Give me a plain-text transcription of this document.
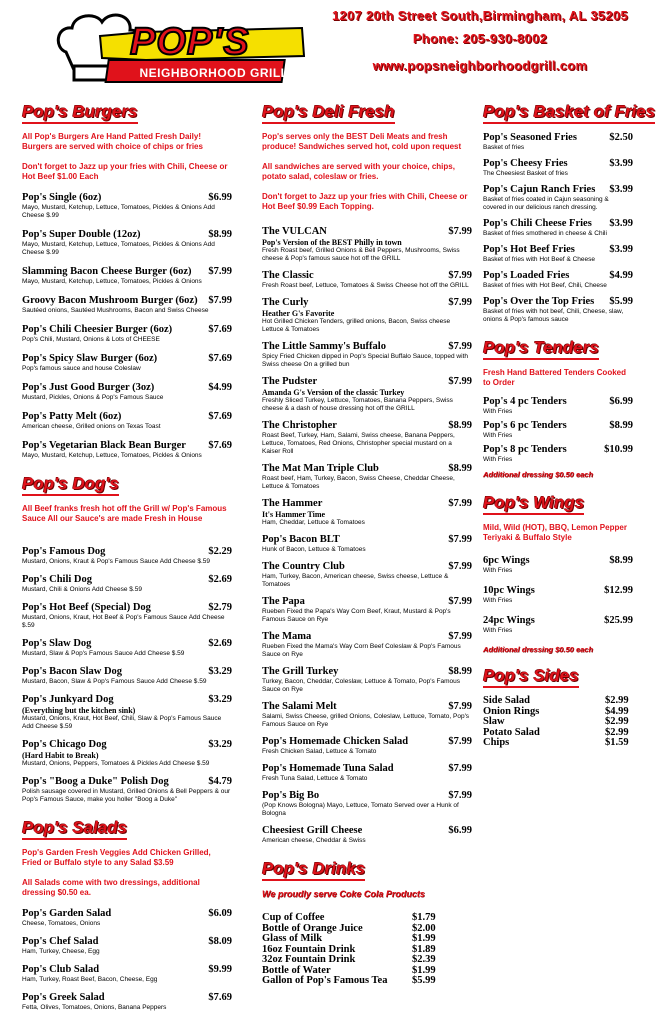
POP'S
NEIGHBORHOOD GRILL
1207 20th Street South,Birmingham, AL 35205
Phone: 205-930-8002
www.popsneighborhoodgrill.com
Pop's Burgers
All Pop's Burgers Are Hand Patted Fresh Daily! Burgers are served with choice of chips or fries
Don't forget to Jazz up your fries with Chili, Cheese or Hot Beef $1.00 Each
Pop's Single (6oz)	$6.99
Mayo, Mustard, Ketchup, Lettuce, Tomatoes, Pickles & Onions Add Cheese $.99
Pop's Super Double (12oz)	$8.99
Mayo, Mustard, Ketchup, Lettuce, Tomatoes, Pickles & Onions Add Cheese $.99
Slamming Bacon Cheese Burger (6oz)	$7.99
Mayo, Mustard, Ketchup, Lettuce, Tomatoes, Pickles & Onions
Groovy Bacon Mushroom Burger (6oz)	$7.99
Sautéed onions, Sautéed Mushrooms, Bacon and Swiss Cheese
Pop's Chili Cheesier Burger (6oz)	$7.69
Pop's Chili, Mustard, Onions & Lots of CHEESE
Pop's Spicy Slaw Burger (6oz)	$7.69
Pop's famous sauce and house Coleslaw
Pop's Just Good Burger (3oz)	$4.99
Mustard, Pickles, Onions & Pop's Famous Sauce
Pop's Patty Melt (6oz)	$7.69
American cheese, Grilled onions on Texas Toast
Pop's Vegetarian Black Bean Burger	$7.69
Mayo, Mustard, Ketchup, Lettuce, Tomatoes, Pickles & Onions
Pop's Dog's
All Beef franks fresh hot off the Grill w/ Pop's Famous Sauce All our Sauce's are made Fresh in House
Pop's Famous Dog	$2.29
Mustard, Onions, Kraut & Pop's Famous Sauce Add Cheese $.59
Pop's Chili Dog	$2.69
Mustard, Chili & Onions Add Cheese $.59
Pop's Hot Beef (Special) Dog	$2.79
Mustard, Onions, Kraut, Hot Beef & Pop's Famous Sauce Add Cheese $.59
Pop's Slaw Dog	$2.69
Mustard, Slaw & Pop's Famous Sauce Add Cheese $.59
Pop's Bacon Slaw Dog	$3.29
Mustard, Bacon, Slaw & Pop's Famous Sauce Add Cheese $.59
Pop's Junkyard Dog	$3.29
(Everything but the kitchen sink)
Mustard, Onions, Kraut, Hot Beef, Chili, Slaw & Pop's Famous Sauce Add Cheese $.59
Pop's Chicago Dog	$3.29
(Hard Habit to Break)
Mustard, Onions, Peppers, Tomatoes & Pickles Add Cheese $.59
Pop's "Boog a Duke" Polish Dog	$4.79
Polish sausage covered in Mustard, Grilled Onions & Bell Peppers & our Pop's Famous Sauce, make you holler "Boog a Duke"
Pop's Salads
Pop's Garden Fresh Veggies Add Chicken Grilled, Fried or Buffalo style to any Salad $3.59
All Salads come with two dressings, additional dressing $0.50 ea.
Pop's Garden Salad	$6.09
Cheese, Tomatoes, Onions
Pop's Chef Salad	$8.09
Ham, Turkey, Cheese, Egg
Pop's Club Salad	$9.99
Ham, Turkey, Roast Beef, Bacon, Cheese, Egg
Pop's Greek Salad	$7.69
Fetta, Olives, Tomatoes, Onions, Banana Peppers
Pop's Deli Fresh
Pop's serves only the BEST Deli Meats and fresh produce! Sandwiches served hot, cold upon request
All sandwiches are served with your choice, chips, potato salad, coleslaw or fries.
Don't forget to Jazz up your fries with Chili, Cheese or Hot Beef $0.99 Each Topping.
The VULCAN	$7.99
Pop's Version of the BEST Philly in town
Fresh Roast beef, Grilled Onions & Bell Peppers, Mushrooms, Swiss cheese & Pop's famous sauce hot off the GRILL
The Classic	$7.99
Fresh Roast beef, Lettuce, Tomatoes & Swiss Cheese hot off the GRILL
The Curly	$7.99
Heather G's Favorite
Hot Grilled Chicken Tenders, grilled onions, Bacon, Swiss cheese Lettuce & Tomatoes
The Little Sammy's Buffalo	$7.99
Spicy Fried Chicken dipped in Pop's Special Buffalo Sauce, topped with Swiss cheese On a grilled bun
The Pudster	$7.99
Amanda G's Version of the classic Turkey
Freshly Sliced Turkey, Lettuce, Tomatoes, Banana Peppers, Swiss cheese & a dash of house dressing hot off the GRILL
The Christopher	$8.99
Roast Beef, Turkey, Ham, Salami, Swiss cheese, Banana Peppers, Lettuce, Tomatoes, Red Onions, Christopher special mustard on a Kaiser Roll
The Mat Man Triple Club	$8.99
Roast beef, Ham, Turkey, Bacon, Swiss Cheese, Cheddar Cheese, Lettuce & Tomatoes
The Hammer	$7.99
It's Hammer Time
Ham, Cheddar, Lettuce & Tomatoes
Pop's Bacon BLT	$7.99
Hunk of Bacon, Lettuce & Tomatoes
The Country Club	$7.99
Ham, Turkey, Bacon, American cheese, Swiss cheese, Lettuce & Tomatoes
The Papa	$7.99
Rueben Fixed the Papa's Way Corn Beef, Kraut, Mustard & Pop's Famous Sauce on Rye
The Mama	$7.99
Rueben Fixed the Mama's Way Corn Beef Coleslaw & Pop's Famous Sauce on Rye
The Grill Turkey	$8.99
Turkey, Bacon, Cheddar, Coleslaw, Lettuce & Tomato, Pop's Famous Sauce on Rye
The Salami Melt	$7.99
Salami, Swiss Cheese, grilled Onions, Coleslaw, Lettuce, Tomato, Pop's Famous Sauce on Rye
Pop's Homemade Chicken Salad	$7.99
Fresh Chicken Salad, Lettuce & Tomato
Pop's Homemade Tuna Salad	$7.99
Fresh Tuna Salad, Lettuce & Tomato
Pop's Big Bo	$7.99
(Pop Knows Bologna) Mayo, Lettuce, Tomato Served over a Hunk of Bologna
Cheesiest Grill Cheese	$6.99
American cheese, Cheddar & Swiss
Pop's Drinks
We proudly serve Coke Cola Products
Cup of Coffee	$1.79
Bottle of Orange Juice	$2.00
Glass of Milk	$1.99
16oz Fountain Drink	$1.89
32oz Fountain Drink	$2.39
Bottle of Water	$1.99
Gallon of Pop's Famous Tea $5.99
Pop's Basket of Fries
Pop's Seasoned Fries	$2.50
Basket of fries
Pop's Cheesy Fries	$3.99
The Cheesiest Basket of fries
Pop's Cajun Ranch Fries	$3.99
Basket of fries coated in Cajun seasoning & covered in our delicious ranch dressing.
Pop's Chili Cheese Fries	$3.99
Basket of fries smothered in cheese & Chili
Pop's Hot Beef Fries	$3.99
Basket of fries with Hot Beef & Cheese
Pop's Loaded Fries	$4.99
Basket of fries with Hot Beef, Chili, Cheese
Pop's Over the Top Fries	$5.99
Basket of fries with hot beef, Chili, Cheese, slaw, onions & Pop's famous sauce
Pop's Tenders
Fresh Hand Battered Tenders Cooked to Order
Pop's 4 pc Tenders	$6.99
With Fries
Pop's 6 pc Tenders	$8.99
With Fries
Pop's 8 pc Tenders	$10.99
With Fries
Additional dressing $0.50 each
Pop's Wings
Mild, Wild (HOT), BBQ, Lemon Pepper Teriyaki & Buffalo Style
6pc Wings	$8.99
With Fries
10pc Wings	$12.99
With Fries
24pc Wings	$25.99
With Fries
Additional dressing $0.50 each
Pop's Sides
Side Salad	$2.99
Onion Rings	$4.99
Slaw	$2.99
Potato Salad	$2.99
Chips	$1.59
